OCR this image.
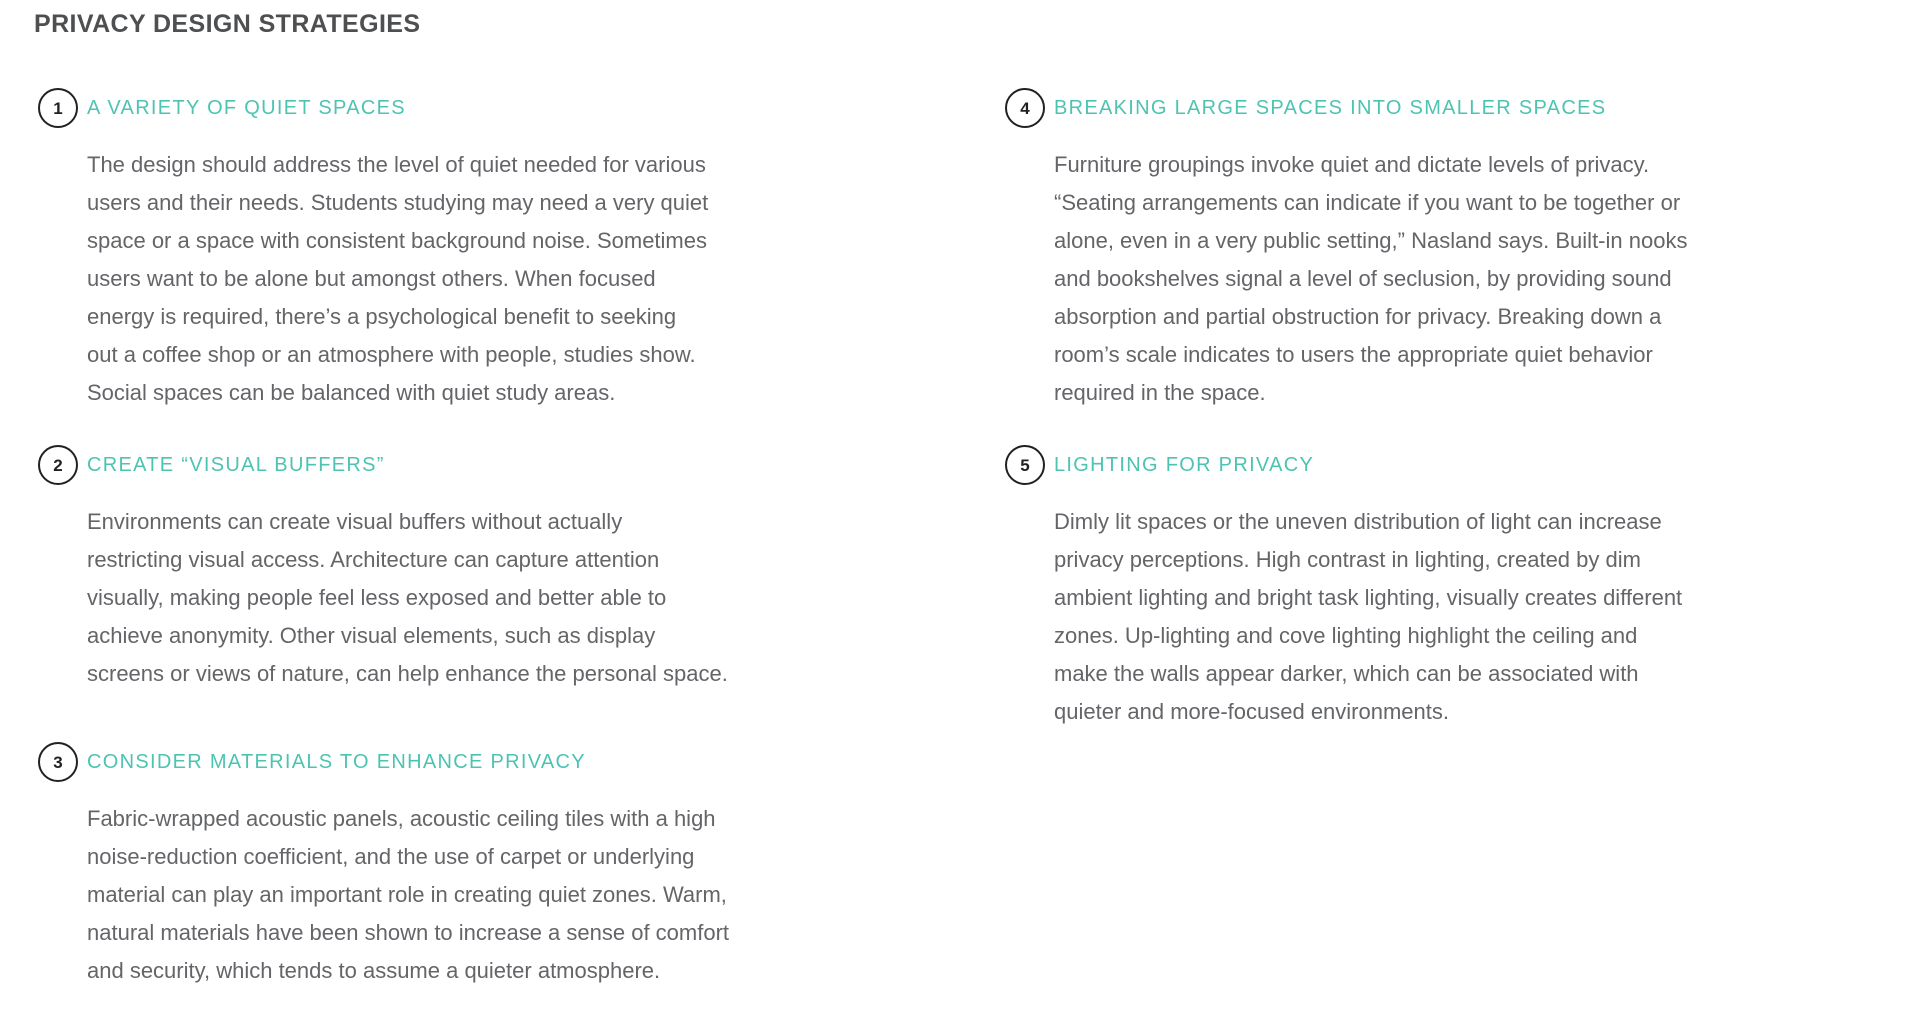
PRIVACY DESIGN STRATEGIES
1 A VARIETY OF QUIET SPACES
The design should address the level of quiet needed for various
users and their needs. Students studying may need a very quiet
space or a space with consistent background noise. Sometimes
users want to be alone but amongst others. When focused
energy is required, there’s a psychological benefit to seeking
out a coffee shop or an atmosphere with people, studies show.
Social spaces can be balanced with quiet study areas.
2 CREATE “VISUAL BUFFERS”
Environments can create visual buffers without actually
restricting visual access. Architecture can capture attention
visually, making people feel less exposed and better able to
achieve anonymity. Other visual elements, such as display
screens or views of nature, can help enhance the personal space.
3 CONSIDER MATERIALS TO ENHANCE PRIVACY
Fabric-wrapped acoustic panels, acoustic ceiling tiles with a high
noise-reduction coefficient, and the use of carpet or underlying
material can play an important role in creating quiet zones. Warm,
natural materials have been shown to increase a sense of comfort
and security, which tends to assume a quieter atmosphere.
4 BREAKING LARGE SPACES INTO SMALLER SPACES
Furniture groupings invoke quiet and dictate levels of privacy.
“Seating arrangements can indicate if you want to be together or
alone, even in a very public setting,” Nasland says. Built-in nooks
and bookshelves signal a level of seclusion, by providing sound
absorption and partial obstruction for privacy. Breaking down a
room’s scale indicates to users the appropriate quiet behavior
required in the space.
5 LIGHTING FOR PRIVACY
Dimly lit spaces or the uneven distribution of light can increase
privacy perceptions. High contrast in lighting, created by dim
ambient lighting and bright task lighting, visually creates different
zones. Up-lighting and cove lighting highlight the ceiling and
make the walls appear darker, which can be associated with
quieter and more-focused environments.
